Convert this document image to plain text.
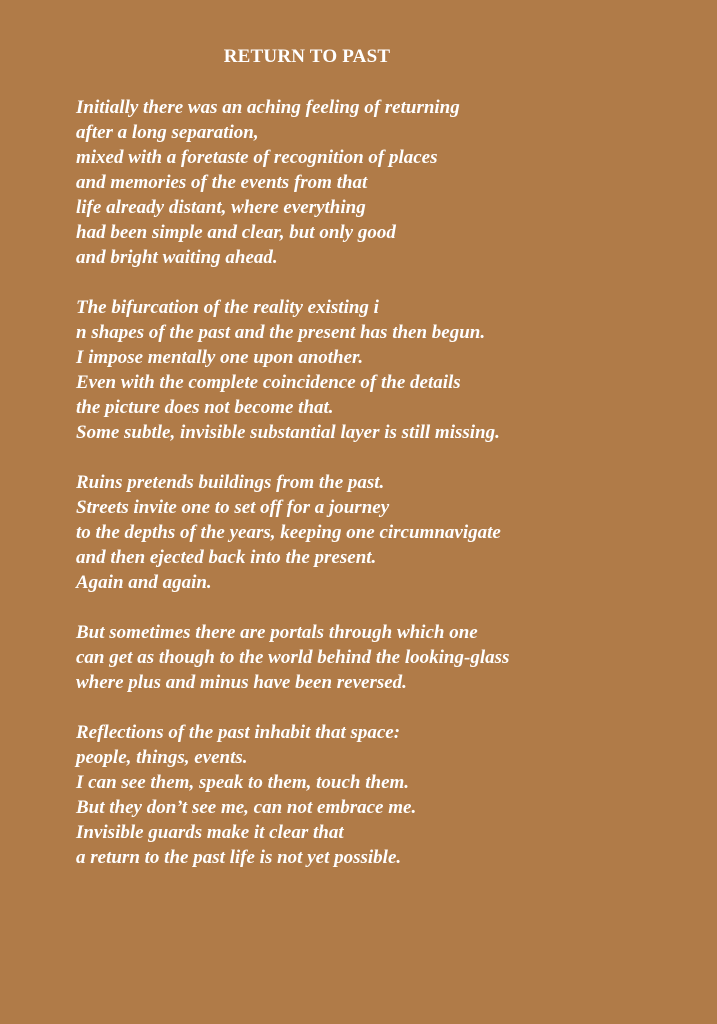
RETURN TO PAST
Initially there was an aching feeling of returning
after a long separation,
mixed with a foretaste of recognition of places
and memories of the events from that
life already distant, where everything
had been simple and clear, but only good
and bright waiting ahead.
The bifurcation of the reality existing i
n shapes of the past and the present has then begun.
I impose mentally one upon another.
Even with the complete coincidence of the details
the picture does not become that.
Some subtle, invisible substantial layer is still missing.
Ruins pretends buildings from the past.
Streets invite one to set off for a journey
to the depths of the years, keeping one circumnavigate
and then ejected back into the present.
Again and again.
But sometimes there are portals through which one
can get as though to the world behind the looking-glass
where plus and minus have been reversed.
Reflections of the past inhabit that space:
people, things, events.
I can see them, speak to them, touch them.
But they don’t see me, can not embrace me.
Invisible guards make it clear that
a return to the past life is not yet possible.
